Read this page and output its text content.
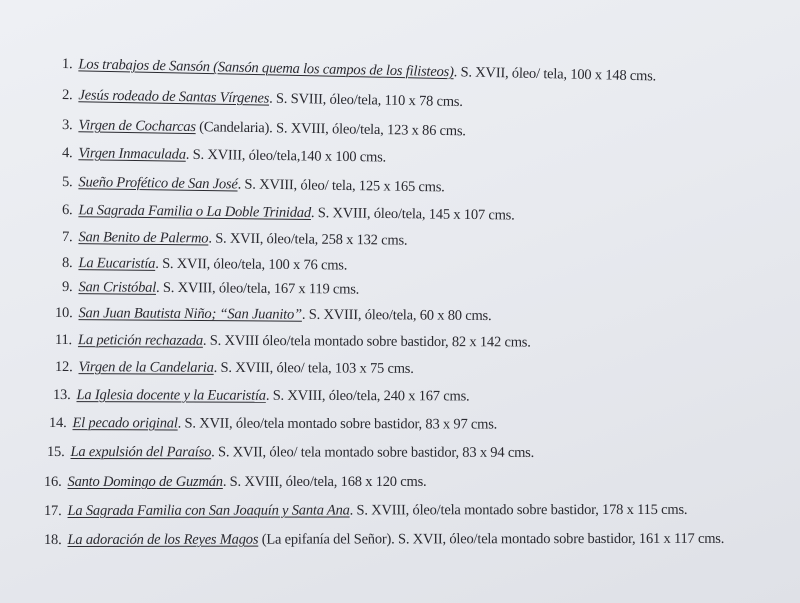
1. Los trabajos de Sansón (Sansón quema los campos de los filisteos). S. XVII, óleo/ tela, 100 x 148 cms.
2. Jesús rodeado de Santas Vírgenes. S. SVIII, óleo/tela, 110 x 78 cms.
3. Virgen de Cocharcas (Candelaria). S. XVIII, óleo/tela, 123 x 86 cms.
4. Virgen Inmaculada. S. XVIII, óleo/tela,140 x 100 cms.
5. Sueño Profético de San José. S. XVIII, óleo/ tela, 125 x 165 cms.
6. La Sagrada Familia o La Doble Trinidad. S. XVIII, óleo/tela, 145 x 107 cms.
7. San Benito de Palermo. S. XVII, óleo/tela, 258 x 132 cms.
8. La Eucaristía. S. XVII, óleo/tela, 100 x 76 cms.
9. San Cristóbal. S. XVIII, óleo/tela, 167 x 119 cms.
10. San Juan Bautista Niño; “San Juanito”. S. XVIII, óleo/tela, 60 x 80 cms.
11. La petición rechazada. S. XVIII óleo/tela montado sobre bastidor, 82 x 142 cms.
12. Virgen de la Candelaria. S. XVIII, óleo/ tela, 103 x 75 cms.
13. La Iglesia docente y la Eucaristía. S. XVIII, óleo/tela, 240 x 167 cms.
14. El pecado original. S. XVII, óleo/tela montado sobre bastidor, 83 x 97 cms.
15. La expulsión del Paraíso. S. XVII, óleo/ tela montado sobre bastidor, 83 x 94 cms.
16. Santo Domingo de Guzmán. S. XVIII, óleo/tela, 168 x 120 cms.
17. La Sagrada Familia con San Joaquín y Santa Ana. S. XVIII, óleo/tela montado sobre bastidor, 178 x 115 cms.
18. La adoración de los Reyes Magos (La epifanía del Señor). S. XVII, óleo/tela montado sobre bastidor, 161 x 117 cms.
